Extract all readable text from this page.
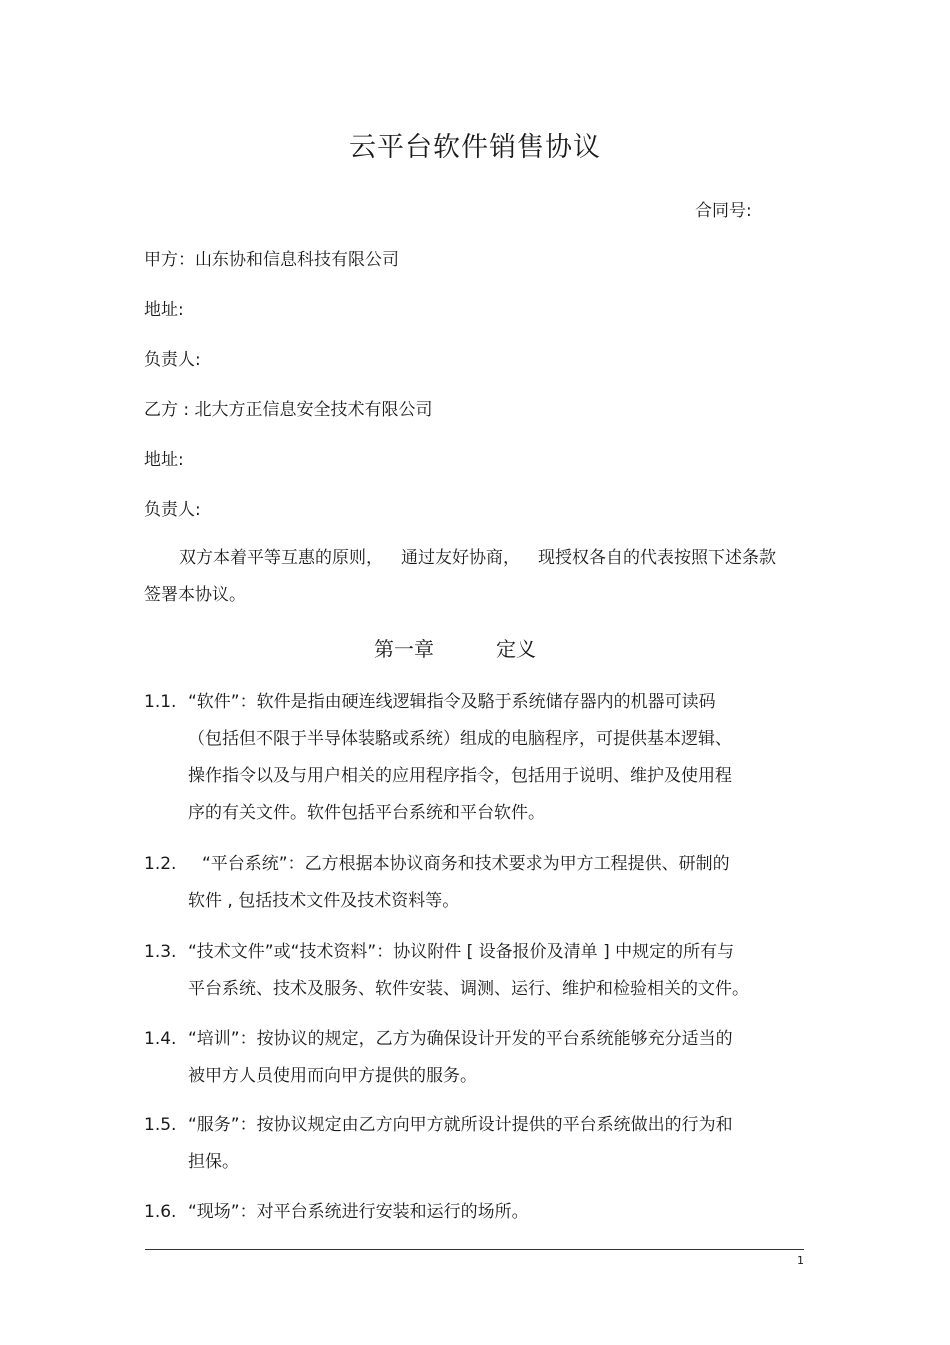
云平台软件销售协议
合同号:
甲方：山东协和信息科技有限公司
地址:
负责人:
乙方 : 北大方正信息安全技术有限公司
地址:
负责人:
双方本着平等互惠的原则， 通过友好协商， 现授权各自的代表按照下述条款
签署本协议。
第一章	定义
1.1. “软件”：软件是指由硬连线逻辑指令及駱于系统储存器内的机器可读码
（包括但不限于半导体装駱或系统）组成的电脑程序，可提供基本逻辑、
操作指令以及与用户相关的应用程序指令，包括用于说明、维护及使用程
序的有关文件。软件包括平台系统和平台软件。
1.2.	“平台系统”：乙方根据本协议商务和技术要求为甲方工程提供、研制的
软件 , 包括技术文件及技术资料等。
1.3. “技术文件”或“技术资料”：协议附件 [ 设备报价及清单 ] 中规定的所有与
平台系统、技术及服务、软件安装、调测、运行、维护和检验相关的文件。
1.4. “培训”：按协议的规定，乙方为确保设计开发的平台系统能够充分适当的
被甲方人员使用而向甲方提供的服务。
1.5. “服务”：按协议规定由乙方向甲方就所设计提供的平台系统做出的行为和
担保。
1.6. “现场”：对平台系统进行安装和运行的场所。
1
